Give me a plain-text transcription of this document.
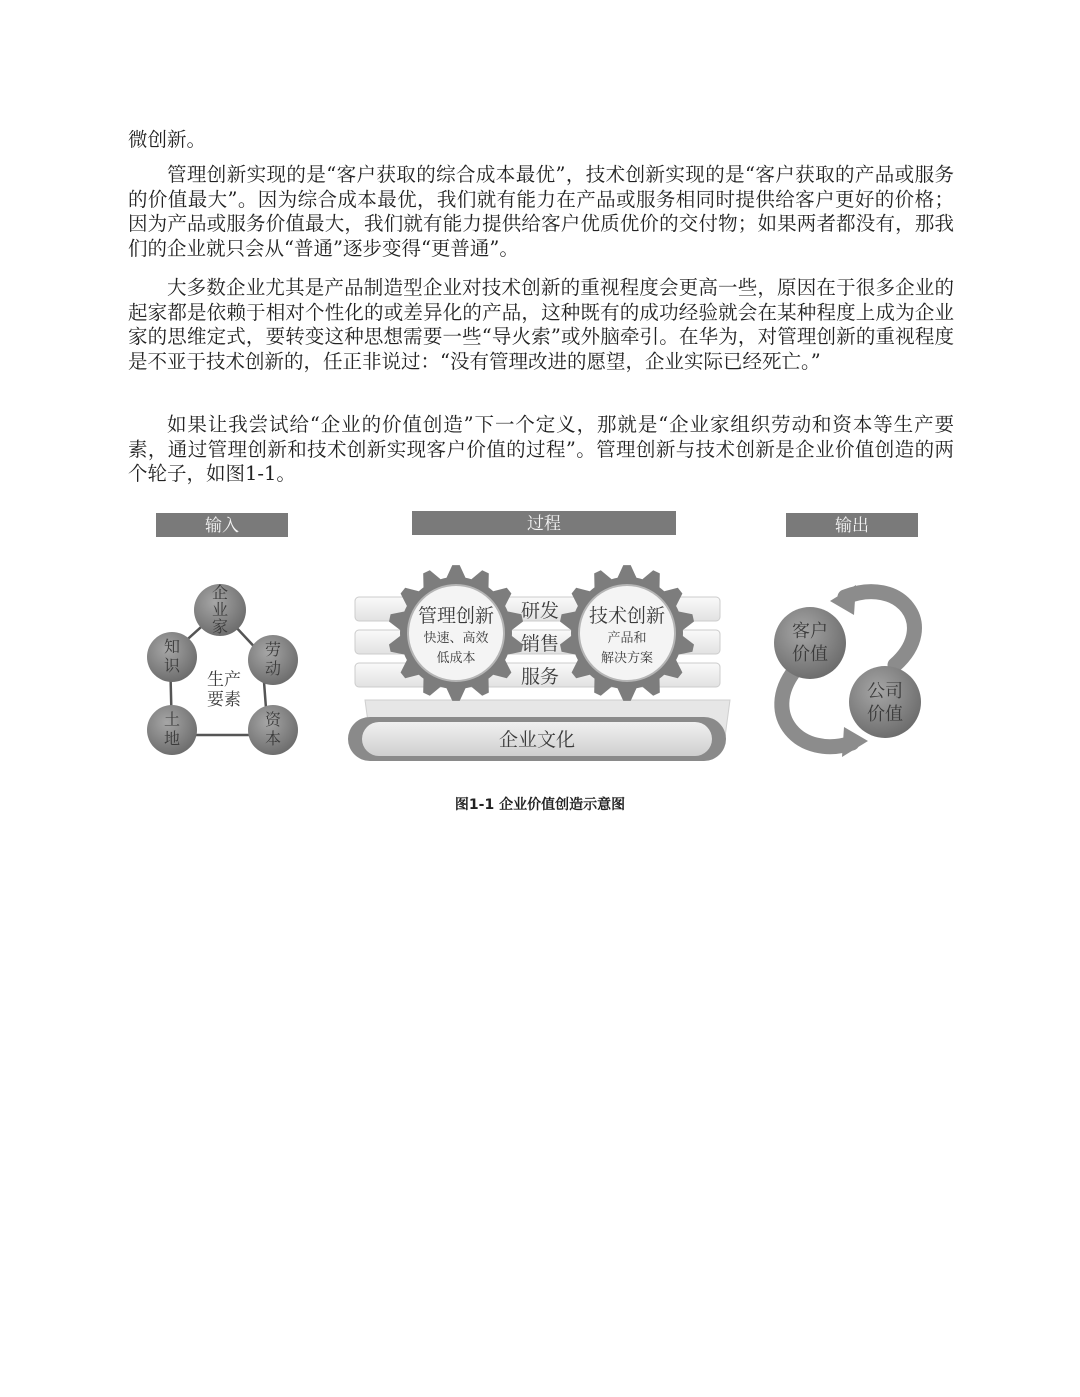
微创新。

管理创新实现的是“客户获取的综合成本最优”，技术创新实现的是“客户获取的产品或服务的价值最大”。因为综合成本最优，我们就有能力在产品或服务相同时提供给客户更好的价格；因为产品或服务价值最大，我们就有能力提供给客户优质优价的交付物；如果两者都没有，那我们的企业就只会从“普通”逐步变得“更普通”。

大多数企业尤其是产品制造型企业对技术创新的重视程度会更高一些，原因在于很多企业的起家都是依赖于相对个性化的或差异化的产品，这种既有的成功经验就会在某种程度上成为企业家的思维定式，要转变这种思想需要一些“导火索”或外脑牵引。在华为，对管理创新的重视程度是不亚于技术创新的，任正非说过：“没有管理改进的愿望，企业实际已经死亡。”

如果让我尝试给“企业的价值创造”下一个定义，那就是“企业家组织劳动和资本等生产要素，通过管理创新和技术创新实现客户价值的过程”。管理创新与技术创新是企业价值创造的两个轮子，如图1-1。

输入	过程	输出
企
业
家
劳
动
资
本
土
地
知
识
生产
要素
管理创新
快速、高效
低成本
技术创新
产品和
解决方案
研发
销售
服务
企业文化
客户
价值
公司
价值
图1-1 企业价值创造示意图
